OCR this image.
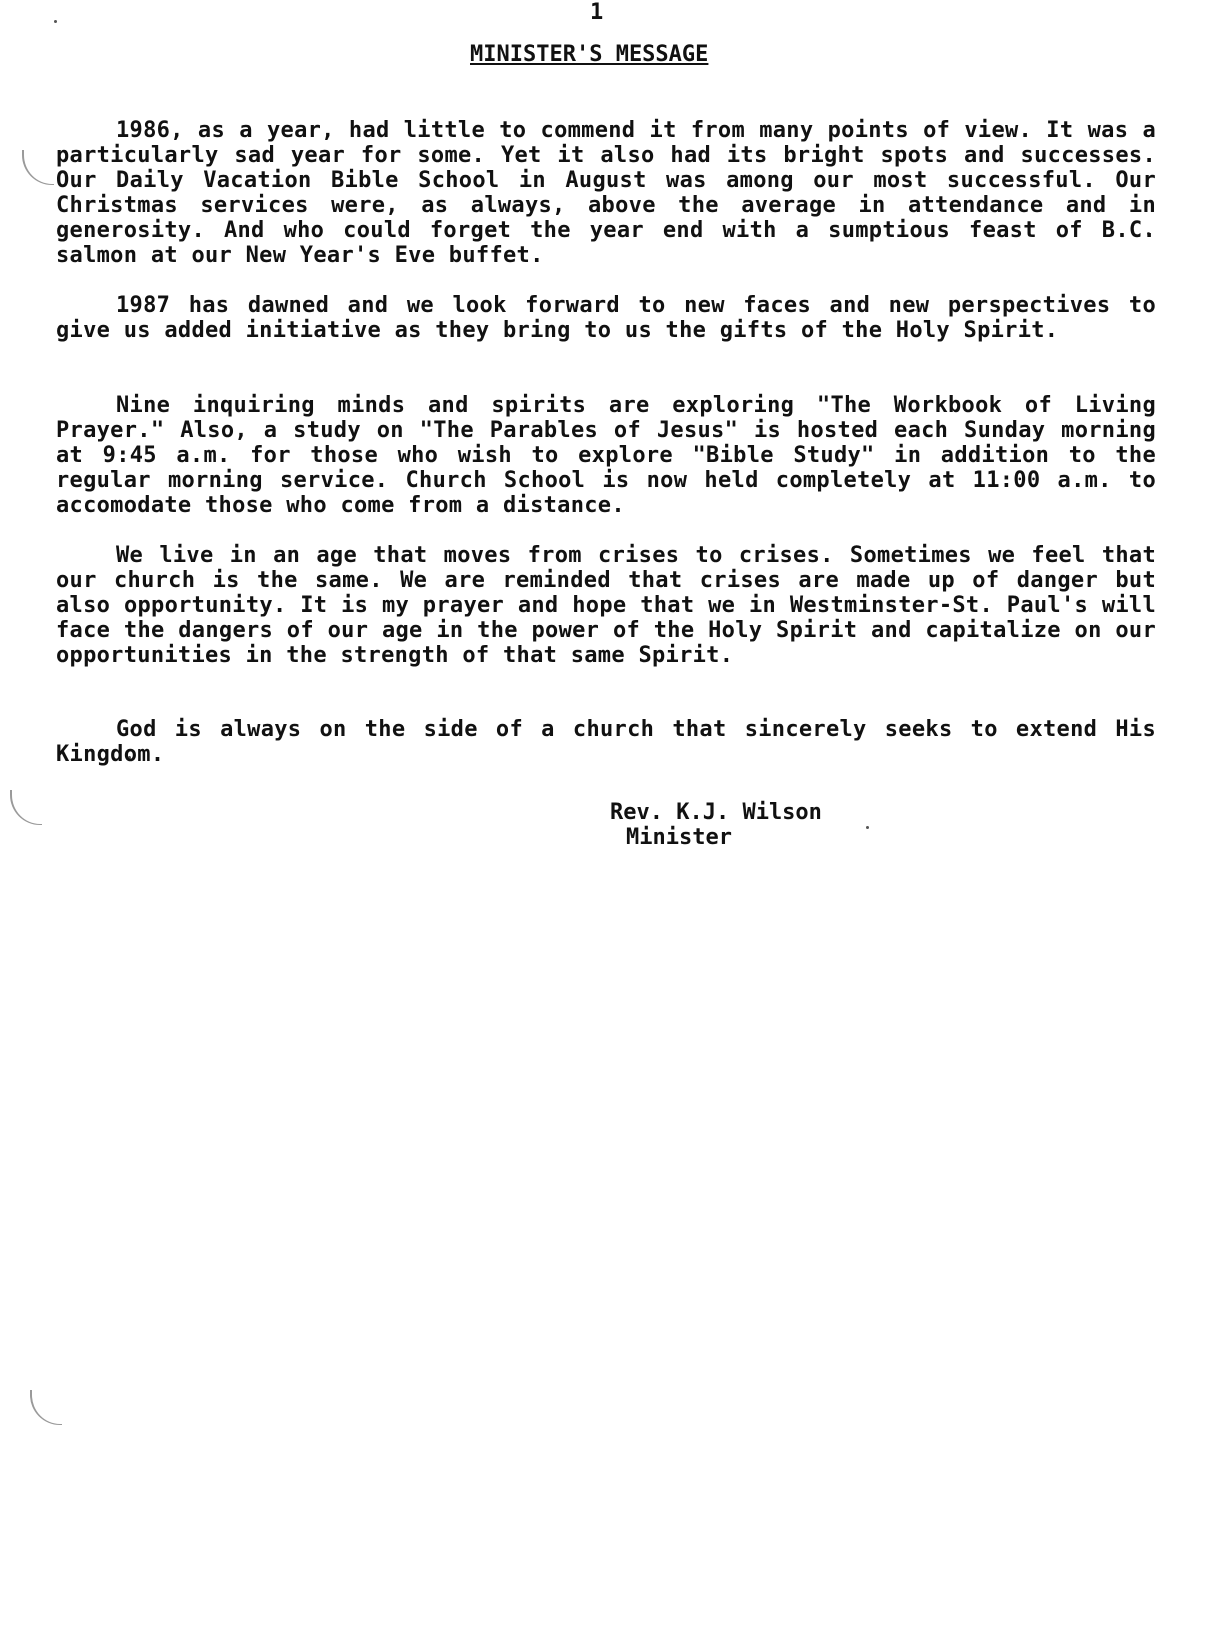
1
MINISTER'S MESSAGE
1986, as a year, had little to commend it from many points of view. It was a particularly sad year for some. Yet it also had its bright spots and successes. Our Daily Vacation Bible School in August was among our most successful. Our Christmas services were, as always, above the average in attendance and in generosity. And who could forget the year end with a sumptious feast of B.C. salmon at our New Year's Eve buffet.
1987 has dawned and we look forward to new faces and new perspectives to give us added initiative as they bring to us the gifts of the Holy Spirit.
Nine inquiring minds and spirits are exploring "The Workbook of Living Prayer." Also, a study on "The Parables of Jesus" is hosted each Sunday morning at 9:45 a.m. for those who wish to explore "Bible Study" in addition to the regular morning service. Church School is now held completely at 11:00 a.m. to accomodate those who come from a distance.
We live in an age that moves from crises to crises. Sometimes we feel that our church is the same. We are reminded that crises are made up of danger but also opportunity. It is my prayer and hope that we in Westminster-St. Paul's will face the dangers of our age in the power of the Holy Spirit and capitalize on our opportunities in the strength of that same Spirit.
God is always on the side of a church that sincerely seeks to extend His Kingdom.
Rev. K.J. Wilson
Minister
